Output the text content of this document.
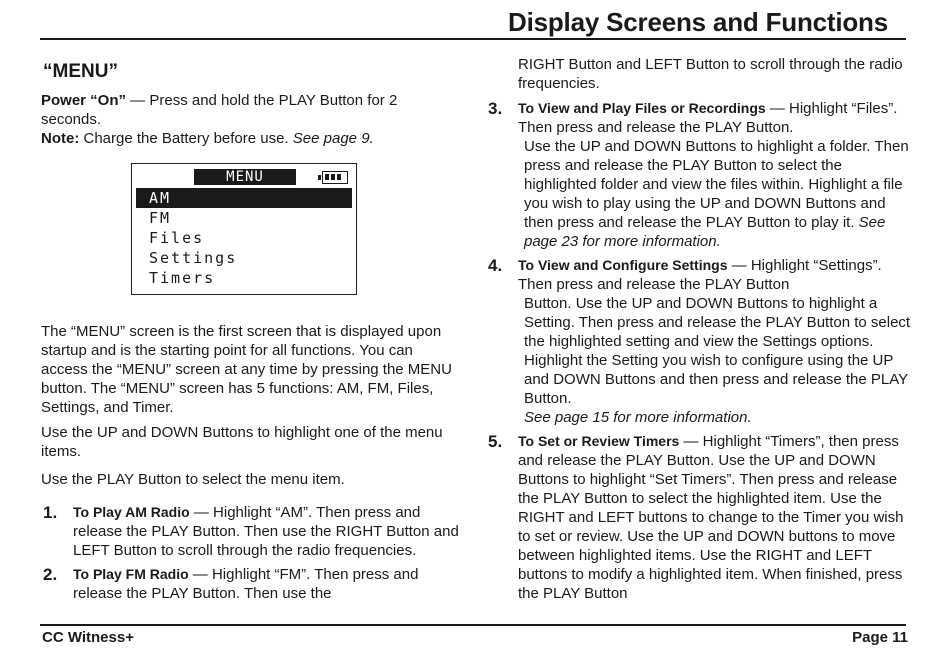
Display Screens and Functions
“MENU”

Power “On” — Press and hold the PLAY Button for 2 seconds.

Note: Charge the Battery before use. See page 9.

The “MENU” screen is the first screen that is displayed upon startup and is the starting point for all functions. You can access the “MENU” screen at any time by pressing the MENU button. The “MENU” screen has 5 functions: AM, FM, Files, Settings, and Timer.

Use the UP and DOWN Buttons to highlight one of the menu items.

Use the PLAY Button to select the menu item.

1. To Play AM Radio — Highlight “AM”. Then press and release the PLAY Button. Then use the RIGHT Button and LEFT Button to scroll through the radio frequencies.
2. To Play FM Radio — Highlight “FM”. Then press and release the PLAY Button. Then use the
MENU
AM
FM
Files
Settings
Timers

RIGHT Button and LEFT Button to scroll through the radio frequencies.

3. To View and Play Files or Recordings — Highlight “Files”. Then press and release the PLAY Button.

Use the UP and DOWN Buttons to highlight a folder. Then press and release the PLAY Button to select the highlighted folder and view the files within. Highlight a file you wish to play using the UP and DOWN Buttons and then press and release the PLAY Button to play it. See page 23 for more information.

4. To View and Configure Settings — Highlight “Settings”. Then press and release the PLAY Button

Button. Use the UP and DOWN Buttons to highlight a Setting. Then press and release the PLAY Button to select the highlighted setting and view the Settings options. Highlight the Setting you wish to configure using the UP and DOWN Buttons and then press and release the PLAY Button.

See page 15 for more information.

5. To Set or Review Timers — Highlight “Timers”, then press and release the PLAY Button. Use the UP and DOWN Buttons to highlight “Set Timers”. Then press and release the PLAY Button to select the highlighted item. Use the RIGHT and LEFT buttons to change to the Timer you wish to set or review. Use the UP and DOWN buttons to move between highlighted items. Use the RIGHT and LEFT buttons to modify a highlighted item. When finished, press the PLAY Button

CC Witness+	Page 11
